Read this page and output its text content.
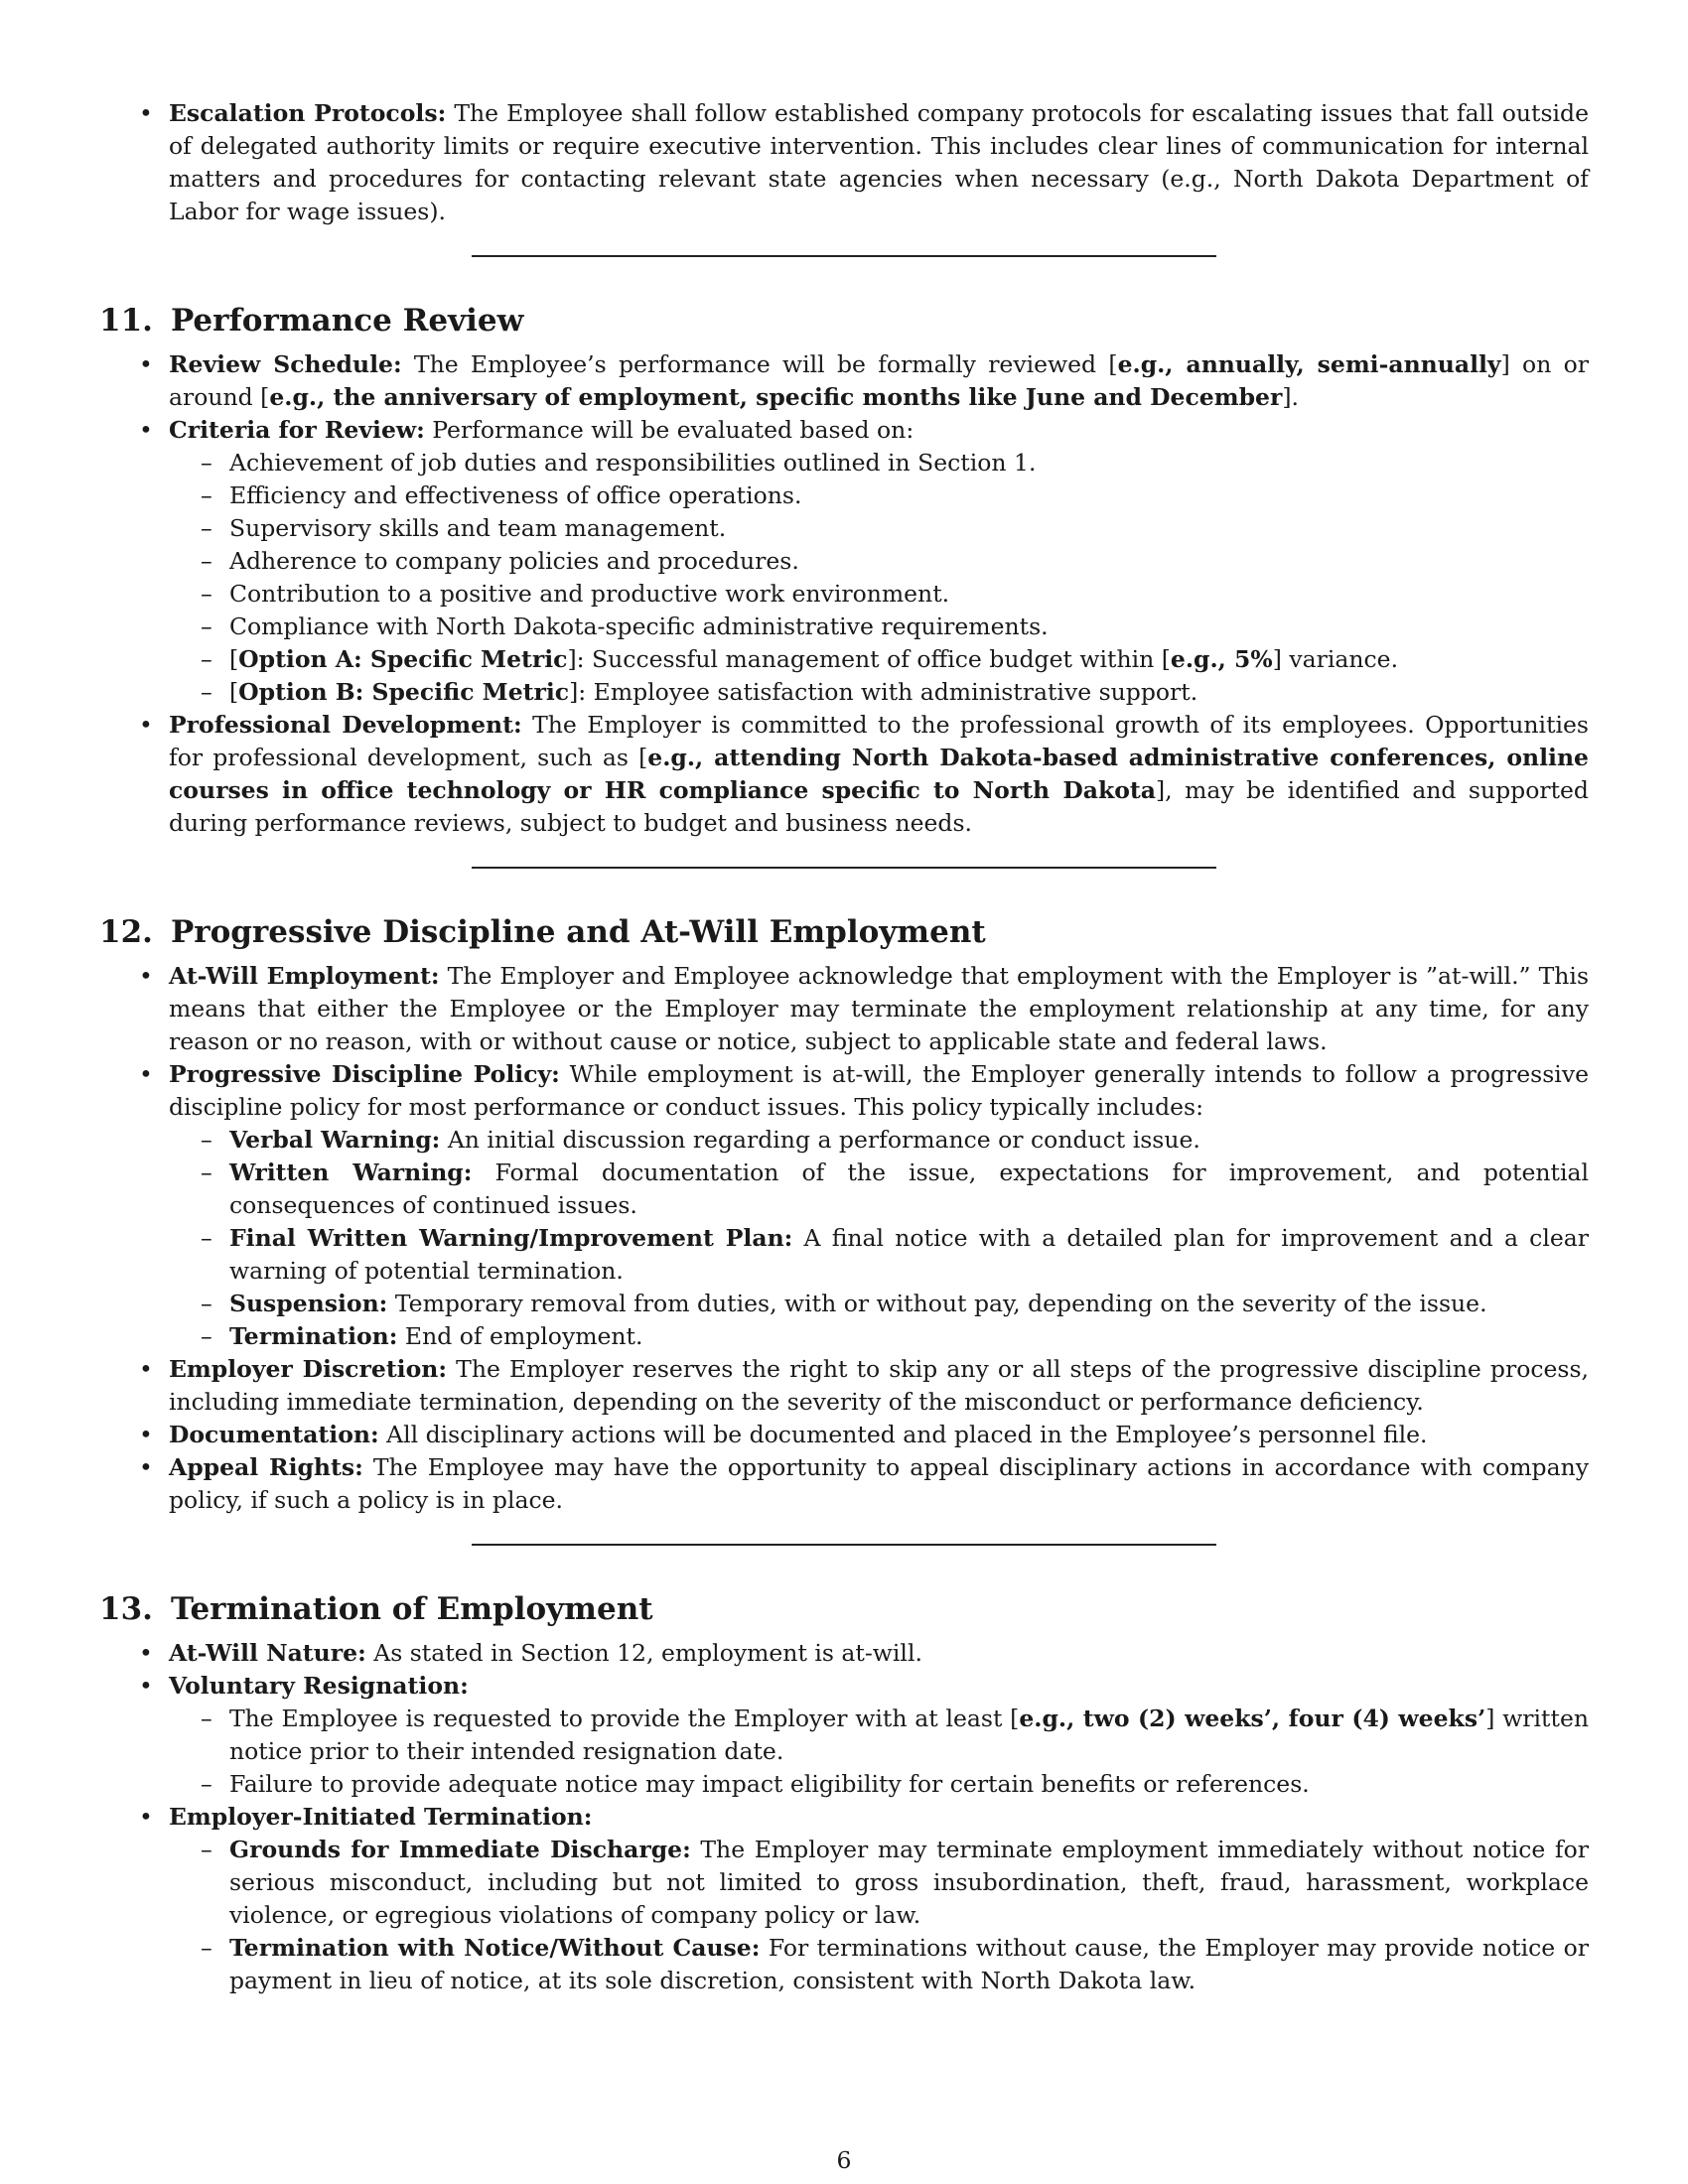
• Escalation Protocols: The Employee shall follow established company protocols for escalating issues that fall outside of delegated authority limits or require executive intervention. This includes clear lines of communication for internal matters and procedures for contacting relevant state agencies when necessary (e.g., North Dakota Department of Labor for wage issues).
11. Performance Review
• Review Schedule: The Employee’s performance will be formally reviewed [e.g., annually, semi-annually] on or around [e.g., the anniversary of employment, specific months like June and December].
• Criteria for Review: Performance will be evaluated based on:
– Achievement of job duties and responsibilities outlined in Section 1.
– Efficiency and effectiveness of office operations.
– Supervisory skills and team management.
– Adherence to company policies and procedures.
– Contribution to a positive and productive work environment.
– Compliance with North Dakota-specific administrative requirements.
– [Option A: Specific Metric]: Successful management of office budget within [e.g., 5%] variance.
– [Option B: Specific Metric]: Employee satisfaction with administrative support.
• Professional Development: The Employer is committed to the professional growth of its employees. Opportunities for professional development, such as [e.g., attending North Dakota-based administrative conferences, online courses in office technology or HR compliance specific to North Dakota], may be identified and supported during performance reviews, subject to budget and business needs.
12. Progressive Discipline and At-Will Employment
• At-Will Employment: The Employer and Employee acknowledge that employment with the Employer is ”at-will.” This means that either the Employee or the Employer may terminate the employment relationship at any time, for any reason or no reason, with or without cause or notice, subject to applicable state and federal laws.
• Progressive Discipline Policy: While employment is at-will, the Employer generally intends to follow a progressive discipline policy for most performance or conduct issues. This policy typically includes:
– Verbal Warning: An initial discussion regarding a performance or conduct issue.
– Written Warning: Formal documentation of the issue, expectations for improvement, and potential consequences of continued issues.
– Final Written Warning/Improvement Plan: A final notice with a detailed plan for improvement and a clear warning of potential termination.
– Suspension: Temporary removal from duties, with or without pay, depending on the severity of the issue.
– Termination: End of employment.
• Employer Discretion: The Employer reserves the right to skip any or all steps of the progressive discipline process, including immediate termination, depending on the severity of the misconduct or performance deficiency.
• Documentation: All disciplinary actions will be documented and placed in the Employee’s personnel file.
• Appeal Rights: The Employee may have the opportunity to appeal disciplinary actions in accordance with company policy, if such a policy is in place.
13. Termination of Employment
• At-Will Nature: As stated in Section 12, employment is at-will.
• Voluntary Resignation:
– The Employee is requested to provide the Employer with at least [e.g., two (2) weeks’, four (4) weeks’] written notice prior to their intended resignation date.
– Failure to provide adequate notice may impact eligibility for certain benefits or references.
• Employer-Initiated Termination:
– Grounds for Immediate Discharge: The Employer may terminate employment immediately without notice for serious misconduct, including but not limited to gross insubordination, theft, fraud, harassment, workplace violence, or egregious violations of company policy or law.
– Termination with Notice/Without Cause: For terminations without cause, the Employer may provide notice or payment in lieu of notice, at its sole discretion, consistent with North Dakota law.
6
